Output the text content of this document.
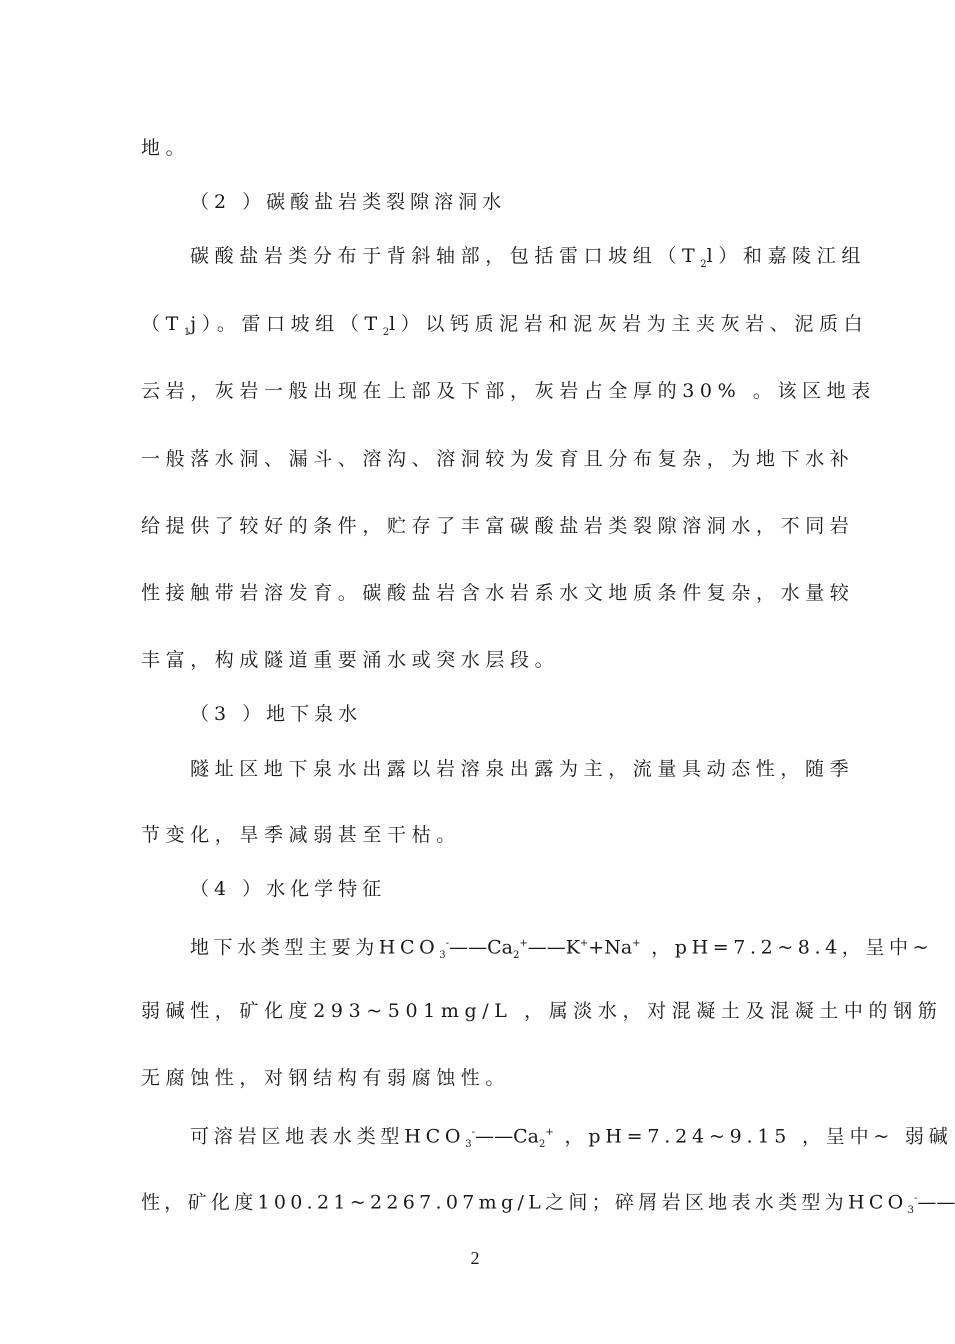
地。
（2 ）碳酸盐岩类裂隙溶洞水
碳酸盐岩类分布于背斜轴部，包括雷口坡组$(T_2l)$和嘉陵江组
$(T_1j)$。雷口坡组$(T_2l)$以钙质泥岩和泥灰岩为主夹灰岩、泥质白
云岩，灰岩一般出现在上部及下部，灰岩占全厚的30% 。该区地表
一般落水洞、漏斗、溶沟、溶洞较为发育且分布复杂，为地下水补
给提供了较好的条件，贮存了丰富碳酸盐岩类裂隙溶洞水，不同岩
性接触带岩溶发育。碳酸盐岩含水岩系水文地质条件复杂，水量较
丰富，构成隧道重要涌水或突水层段。
（3 ）地下泉水
隧址区地下泉水出露以岩溶泉出露为主，流量具动态性，随季
节变化，旱季减弱甚至干枯。
（4 ）水化学特征
地下水类型主要为$HCO_3^-——Ca_2^+——K^++Na^+$ ，pH=7.2~8.4，呈中~
弱碱性，矿化度293~501mg/L ，属淡水，对混凝土及混凝土中的钢筋
无腐蚀性，对钢结构有弱腐蚀性。
可溶岩区地表水类型$HCO_3^-——Ca_2^+$ ，pH=7.24~9.15 ，呈中~ 弱碱
性，矿化度100.21~2267.07mg/L之间；碎屑岩区地表水类型为$HCO_3^-——$
2
